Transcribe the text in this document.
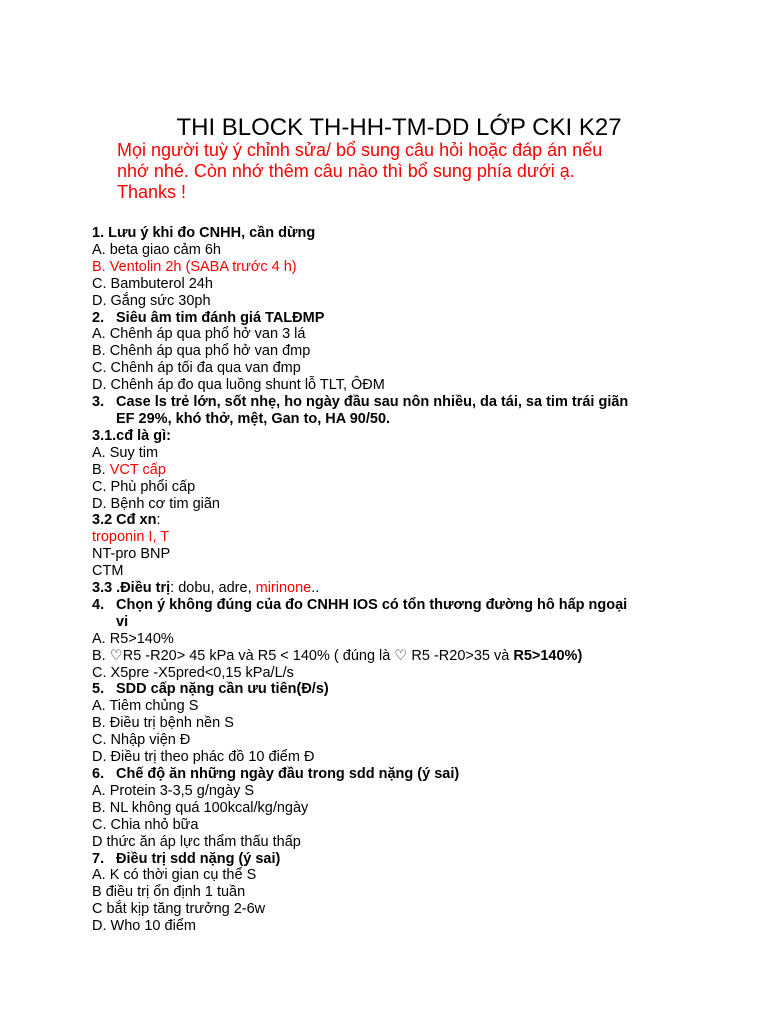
THI BLOCK TH-HH-TM-DD LỚP CKI K27
Mọi người tuỳ ý chỉnh sửa/ bổ sung câu hỏi hoặc đáp án nếu
nhớ nhé. Còn nhớ thêm câu nào thì bổ sung phía dưới ạ.
Thanks !
1. Lưu ý khi đo CNHH, cần dừng
A. beta giao cảm 6h
B. Ventolin 2h (SABA trước 4 h)
C. Bambuterol 24h
D. Gắng sức 30ph
2. Siêu âm tim đánh giá TALĐMP
A. Chênh áp qua phổ hở van 3 lá
B. Chênh áp qua phổ hở van đmp
C. Chênh áp tối đa qua van đmp
D. Chênh áp đo qua luồng shunt lỗ TLT, ÔĐM
3. Case ls trẻ lớn, sốt nhẹ, ho ngày đầu sau nôn nhiều, da tái, sa tim trái giãn
EF 29%, khó thở, mệt, Gan to, HA 90/50.
3.1.cđ là gì:
A. Suy tim
B. VCT cấp
C. Phù phổi cấp
D. Bệnh cơ tim giãn
3.2 Cđ xn:
troponin I, T
NT-pro BNP
CTM
3.3 .Điều trị: dobu, adre, mirinone..
4. Chọn ý không đúng của đo CNHH IOS có tổn thương đường hô hấp ngoại
vi
A. R5>140%
B. ♡R5 -R20> 45 kPa và R5 < 140% ( đúng là ♡ R5 -R20>35 và R5>140%)
C. X5pre -X5pred<0,15 kPa/L/s
5. SDD cấp nặng cần ưu tiên(Đ/s)
A. Tiêm chủng S
B. Điều trị bệnh nền S
C. Nhập viện Đ
D. Điều trị theo phác đồ 10 điểm Đ
6. Chế độ ăn những ngày đầu trong sdd nặng (ý sai)
A. Protein 3-3,5 g/ngày S
B. NL không quá 100kcal/kg/ngày
C. Chia nhỏ bữa
D thức ăn áp lực thẩm thấu thấp
7. Điều trị sdd nặng (ý sai)
A. K có thời gian cụ thể S
B điều trị ổn định 1 tuần
C bắt kịp tăng trưởng 2-6w
D. Who 10 điểm
